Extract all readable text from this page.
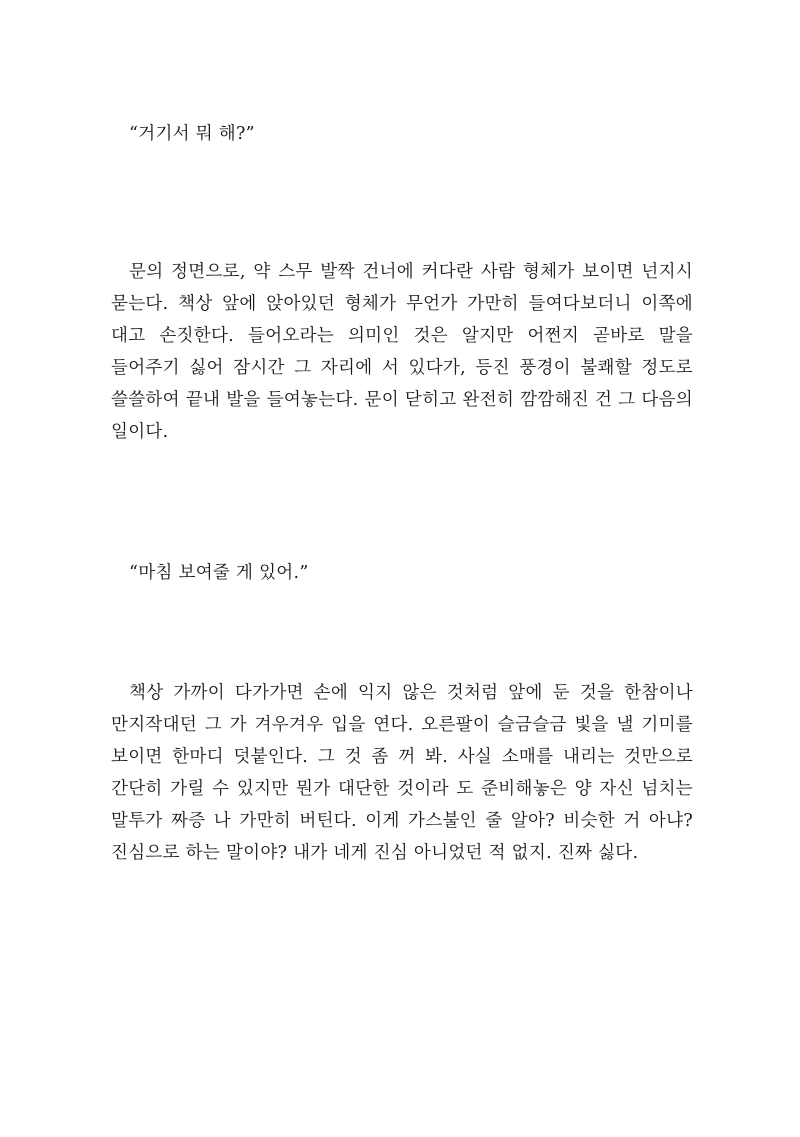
“거기서 뭐 해?”

문의 정면으로, 약 스무 발짝 건너에 커다란 사람 형체가 보이면 넌지시 묻는다. 책상 앞에 앉아있던 형체가 무언가 가만히 들여다보더니 이쪽에 대고 손짓한다. 들어오라는 의미인 것은 알지만 어쩐지 곧바로 말을 들어주기 싫어 잠시간 그 자리에 서 있다가, 등진 풍경이 불쾌할 정도로 쓸쓸하여 끝내 발을 들여놓는다. 문이 닫히고 완전히 깜깜해진 건 그 다음의 일이다.

“마침 보여줄 게 있어.”

책상 가까이 다가가면 손에 익지 않은 것처럼 앞에 둔 것을 한참이나 만지작대던 그 가 겨우겨우 입을 연다. 오른팔이 슬금슬금 빛을 낼 기미를 보이면 한마디 덧붙인다. 그 것 좀 꺼 봐. 사실 소매를 내리는 것만으로 간단히 가릴 수 있지만 뭔가 대단한 것이라 도 준비해놓은 양 자신 넘치는 말투가 짜증 나 가만히 버틴다. 이게 가스불인 줄 알아? 비슷한 거 아냐? 진심으로 하는 말이야? 내가 네게 진심 아니었던 적 없지. 진짜 싫다.
